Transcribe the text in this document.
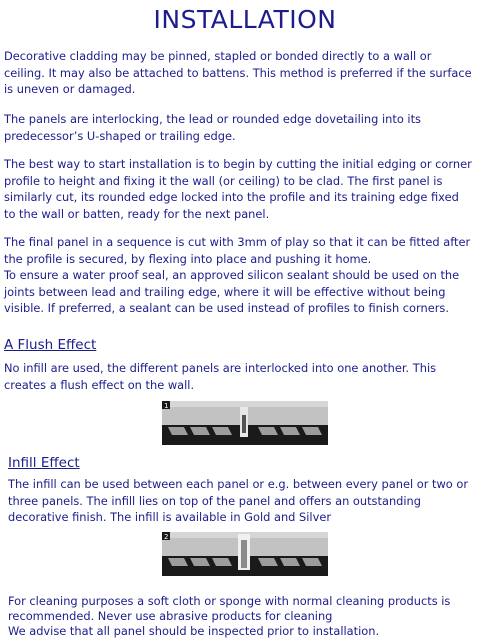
INSTALLATION

Decorative cladding may be pinned, stapled or bonded directly to a wall or
ceiling. It may also be attached to battens. This method is preferred if the surface
is uneven or damaged.

The panels are interlocking, the lead or rounded edge dovetailing into its
predecessor’s U-shaped or trailing edge.

The best way to start installation is to begin by cutting the initial edging or corner
profile to height and fixing it the wall (or ceiling) to be clad. The first panel is
similarly cut, its rounded edge locked into the profile and its training edge fixed
to the wall or batten, ready for the next panel.

The final panel in a sequence is cut with 3mm of play so that it can be fitted after
the profile is secured, by flexing into place and pushing it home.
To ensure a water proof seal, an approved silicon sealant should be used on the
joints between lead and trailing edge, where it will be effective without being
visible. If preferred, a sealant can be used instead of profiles to finish corners.

A Flush Effect

No infill are used, the different panels are interlocked into one another. This
creates a flush effect on the wall.

1
Infill Effect

The infill can be used between each panel or e.g. between every panel or two or
three panels. The infill lies on top of the panel and offers an outstanding
decorative finish. The infill is available in Gold and Silver

2

For cleaning purposes a soft cloth or sponge with normal cleaning products is
recommended. Never use abrasive products for cleaning
We advise that all panel should be inspected prior to installation.
